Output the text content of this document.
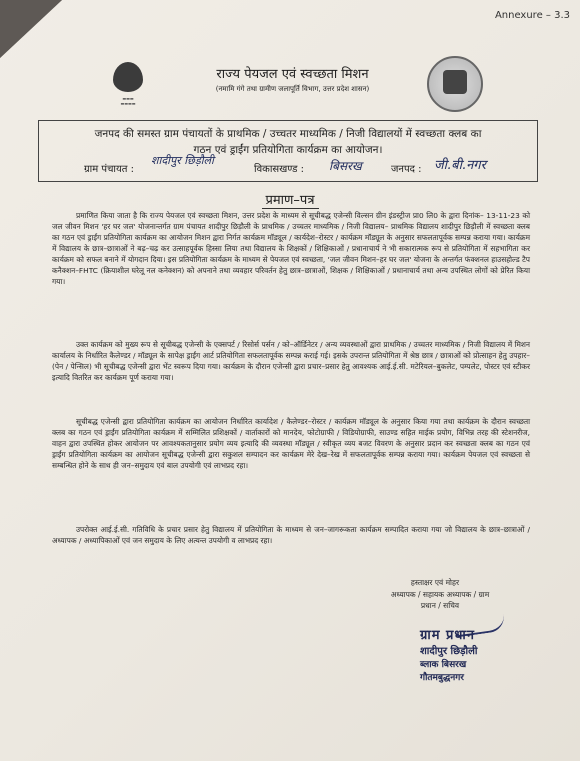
Annexure – 3.3
▬▬▬
▬▬▬▬
राज्य पेयजल एवं स्वच्छता मिशन
(नमामि गंगे तथा ग्रामीण जलापूर्ति विभाग, उत्तर प्रदेश शासन)
जनपद की समस्त ग्राम पंचायतों के प्राथमिक / उच्चतर माध्यमिक / निजी विद्यालयों में स्वच्छता क्लब का
गठन एवं ड्राईंग प्रतियोगिता कार्यक्रम का आयोजन।
ग्राम पंचायत :
शादीपुर छिड़ौली
विकासखण्ड : बिसरख	जनपद : जी.बी.नगर
प्रमाण–पत्र
प्रमाणित किया जाता है कि राज्य पेयजल एवं स्वच्छता मिशन, उत्तर प्रदेश के माध्यम से सूचीबद्ध एजेन्सी विल्सन ग्रीन इंडस्ट्रीज प्रा0 लि0 के द्वारा दिनांक– 13-11-23 को जल जीवन मिशन 'हर घर जल' योजनान्तर्गत ग्राम पंचायत शादीपुर छिड़ौली के प्राथमिक / उच्चतर माध्यमिक / निजी विद्यालय– प्राथमिक विद्यालय शादीपुर छिड़ौली में स्वच्छता क्लब का गठन एवं ड्राईंग प्रतियोगिता कार्यक्रम का आयोजन मिशन द्वारा निर्गत कार्यक्रम मॉड्यूल / कार्यदेश–रोस्टर / कार्यक्रम मॉड्यूल के अनुसार सफलतापूर्वक सम्पन्न कराया गया। कार्यक्रम में विद्यालय के छात्र–छात्राओं ने बढ़–चढ़ कर उत्साहपूर्वक हिस्सा लिया तथा विद्यालय के शिक्षकों / शिक्षिकाओं / प्रधानाचार्य ने भी सकारात्मक रूप से प्रतियोगिता में सहभागिता कर कार्यक्रम को सफल बनाने में योगदान दिया। इस प्रतियोगिता कार्यक्रम के माध्यम से पेयजल एवं स्वच्छता, 'जल जीवन मिशन–हर घर जल' योजना के अन्तर्गत फंक्शनल हाउसहोल्ड टैप कनैक्शन–FHTC (क्रियाशील घरेलू नल कनेक्शन) को अपनाने तथा व्यवहार परिवर्तन हेतु छात्र–छात्राओं, शिक्षक / शिक्षिकाओं / प्रधानाचार्य तथा अन्य उपस्थित लोगों को प्रेरित किया गया।
उक्त कार्यक्रम को मुख्य रूप से सूचीबद्ध एजेन्सी के एक्सपर्ट / रिसोर्स पर्सन / को–ऑर्डिनेटर / अन्य व्यवस्थाओं द्वारा प्राथमिक / उच्चतर माध्यमिक / निजी विद्यालय में मिशन कार्यालय के निर्धारित कैलेण्डर / मॉड्यूल के सापेक्ष ड्राईंग आर्ट प्रतियोगिता सफलतापूर्वक सम्पन्न कराई गई। इसके उपरान्त प्रतियोगिता में श्रेष्ठ छात्र / छात्राओं को प्रोत्साहन हेतु उपहार–(पेन / पेन्सिल) भी सूचीबद्ध एजेन्सी द्वारा भेंट स्वरूप दिया गया। कार्यक्रम के दौरान एजेन्सी द्वारा प्रचार–प्रसार हेतु आवश्यक आई.ई.सी. मटेरियल–बुकलेट, पम्पलेट, पोस्टर एवं स्टीकर इत्यादि वितरित कर कार्यक्रम पूर्ण कराया गया।
सूचीबद्ध एजेन्सी द्वारा प्रतियोगिता कार्यक्रम का आयोजन निर्धारित कार्यादेश / कैलेण्डर–रोस्टर / कार्यक्रम मॉड्यूल के अनुसार किया गया तथा कार्यक्रम के दौरान स्वच्छता क्लब का गठन एवं ड्राईंग प्रतियोगिता कार्यक्रम में सम्मिलित प्रशिक्षकों / वार्ताकारों को मानदेय, फोटोग्राफी / विडियोग्राफी, साउण्ड सहित माईक प्रयोग, विभिन्न तरह की स्टेशनरीज, वाहन द्वारा उपस्थित होकर आयोजन पर आवश्यकतानुसार प्रयोग व्यय इत्यादि की व्यवस्था मॉड्यूल / स्वीकृत व्यय बजट विवरण के अनुसार प्रदान कर स्वच्छता क्लब का गठन एवं ड्राईंग प्रतियोगिता कार्यक्रम का आयोजन सूचीबद्ध एजेन्सी द्वारा सकुशल सम्पादन कर कार्यक्रम मेरे देख–रेख में सफलतापूर्वक सम्पन्न कराया गया। कार्यक्रम पेयजल एवं स्वच्छता से सम्बन्धित होने के साथ ही जन–समुदाय एवं बाल उपयोगी एवं लाभप्रद रहा।
उपरोक्त आई.ई.सी. गतिविधि के प्रचार प्रसार हेतु विद्यालय में प्रतियोगिता के माध्यम से जन–जागरूकता कार्यक्रम सम्पादित कराया गया जो विद्यालय के छात्र–छात्राओं / अध्यापक / अध्यापिकाओं एवं जन समुदाय के लिए अत्यन्त उपयोगी व लाभप्रद रहा।
हस्ताक्षर एवं मोहर
अध्यापक / सहायक अध्यापक / ग्राम
प्रधान / सचिव
ग्राम प्रधान
शादीपुर छिड़ौली
ब्लाक बिसरख
गौतमबुद्धनगर
